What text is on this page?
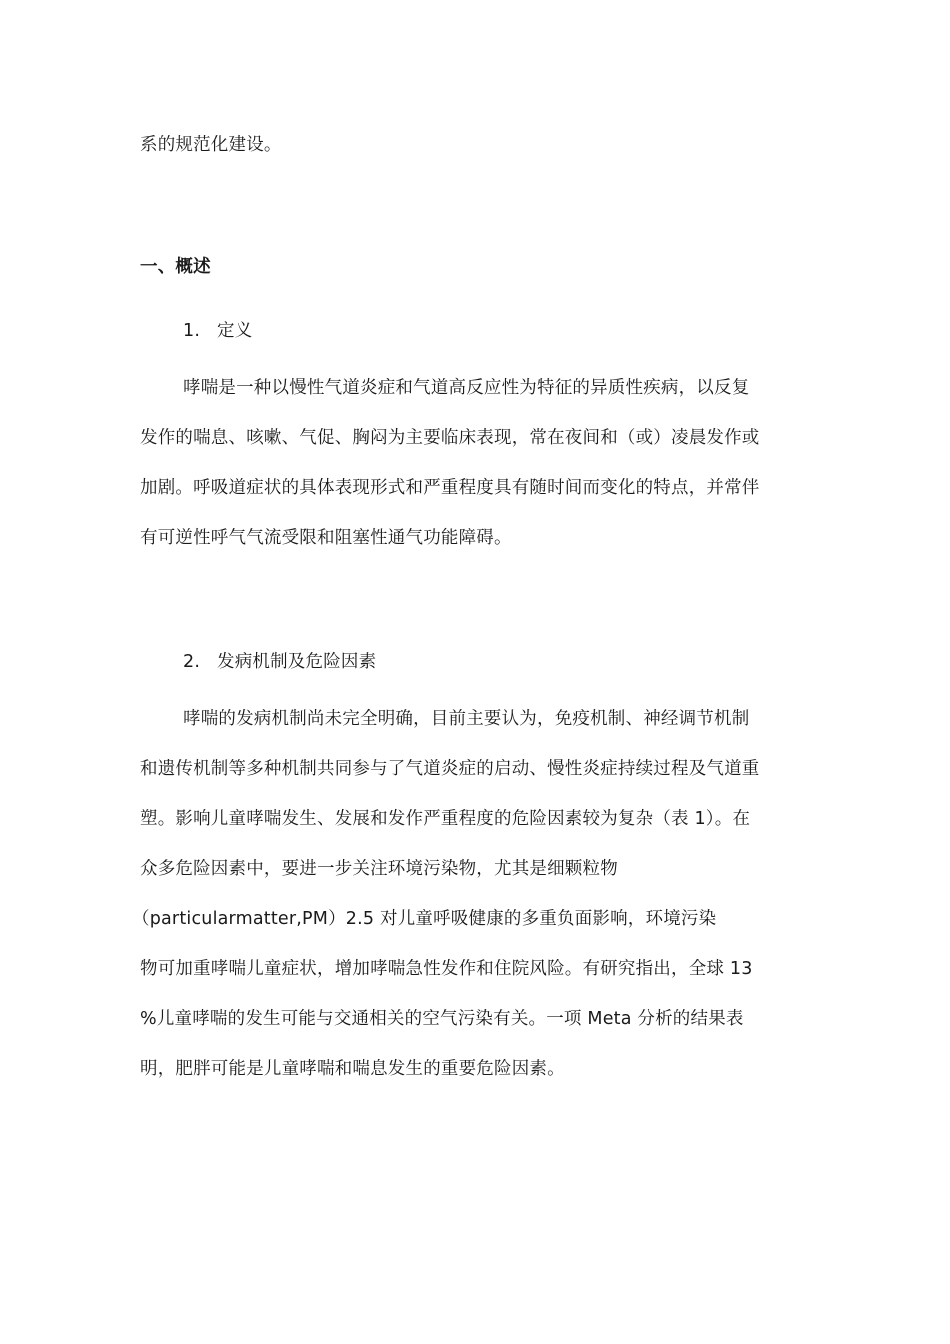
系的规范化建设。
一、概述
1. 定义
哮喘是一种以慢性气道炎症和气道高反应性为特征的异质性疾病，以反复
发作的喘息、咳嗽、气促、胸闷为主要临床表现，常在夜间和（或）凌晨发作或
加剧。呼吸道症状的具体表现形式和严重程度具有随时间而变化的特点，并常伴
有可逆性呼气气流受限和阻塞性通气功能障碍。
2. 发病机制及危险因素
哮喘的发病机制尚未完全明确，目前主要认为，免疫机制、神经调节机制
和遗传机制等多种机制共同参与了气道炎症的启动、慢性炎症持续过程及气道重
塑。影响儿童哮喘发生、发展和发作严重程度的危险因素较为复杂（表 1）。在
众多危险因素中，要进一步关注环境污染物，尤其是细颗粒物
（particularmatter,PM）2.5 对儿童呼吸健康的多重负面影响，环境污染
物可加重哮喘儿童症状，增加哮喘急性发作和住院风险。有研究指出，全球 13
%儿童哮喘的发生可能与交通相关的空气污染有关。一项 Meta 分析的结果表
明，肥胖可能是儿童哮喘和喘息发生的重要危险因素。
